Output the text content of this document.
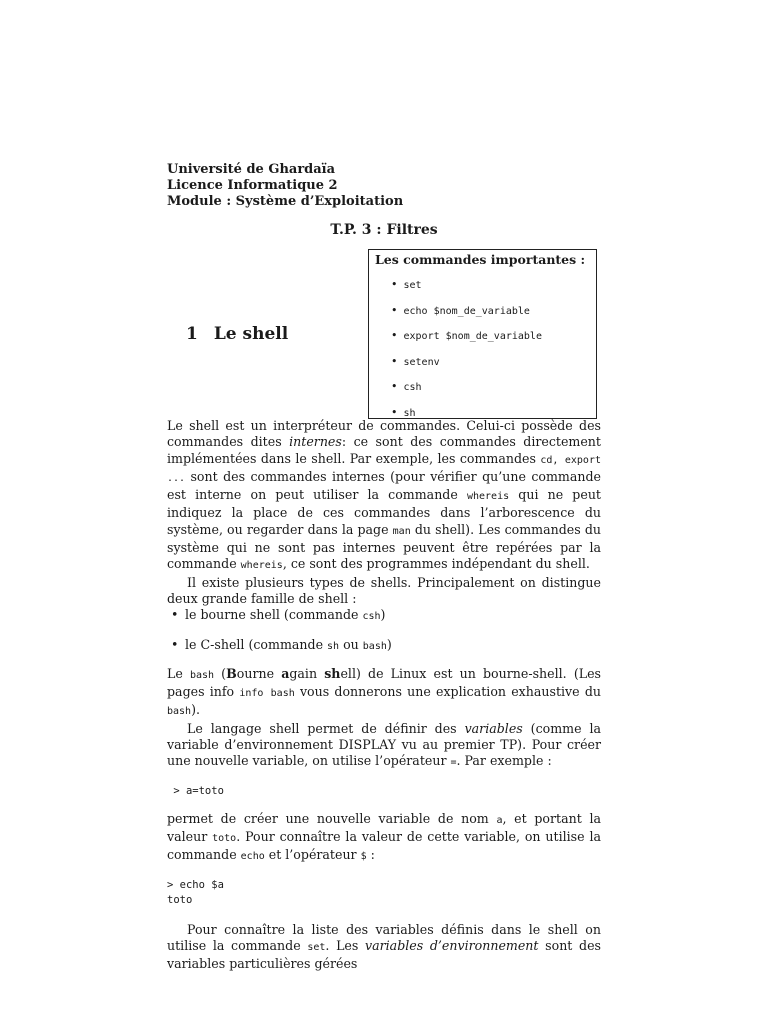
Université de Ghardaïa
Licence Informatique 2
Module : Système d’Exploitation
T.P. 3 : Filtres
Les commandes importantes :
• set
• echo $nom_de_variable
• export $nom_de_variable
• setenv
• csh
• sh
1 Le shell

Le shell est un interpréteur de commandes. Celui-ci possède des commandes dites internes: ce sont des commandes directement implémentées dans le shell. Par exemple, les commandes cd, export ... sont des commandes internes (pour vérifier qu’une commande est interne on peut utiliser la commande whereis qui ne peut indiquez la place de ces commandes dans l’arborescence du système, ou regarder dans la page man du shell). Les commandes du système qui ne sont pas internes peuvent être repérées par la commande whereis, ce sont des programmes indépendant du shell.

Il existe plusieurs types de shells. Principalement on distingue deux grande famille de shell :

• le bourne shell (commande csh)
• le C-shell (commande sh ou bash)

Le bash (Bourne again shell) de Linux est un bourne-shell. (Les pages info info bash vous donnerons une explication exhaustive du bash).

Le langage shell permet de définir des variables (comme la variable d’environnement DISPLAY vu au premier TP). Pour créer une nouvelle variable, on utilise l’opérateur =. Par exemple :

> a=toto

permet de créer une nouvelle variable de nom a, et portant la valeur toto. Pour connaître la valeur de cette variable, on utilise la commande echo et l’opérateur $ :

> echo $a
toto

Pour connaître la liste des variables définis dans le shell on utilise la commande set. Les variables d’environnement sont des variables particulières gérées
